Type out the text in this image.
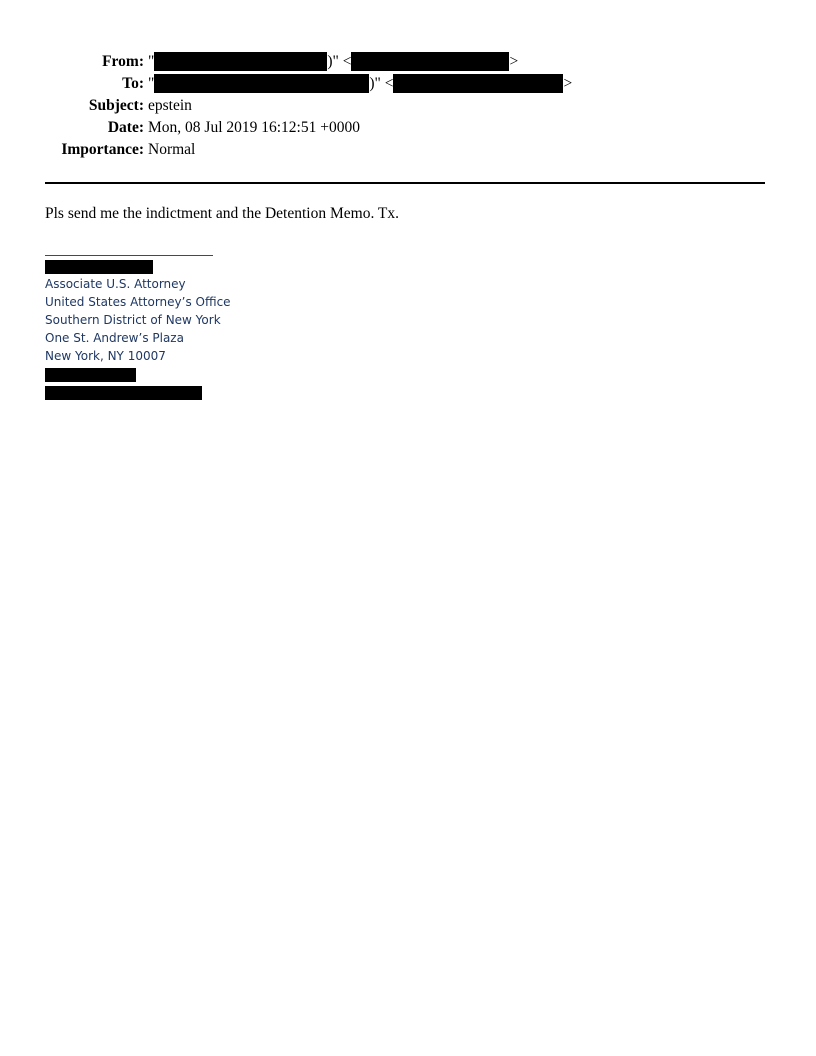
From: "	)" <	>
To: "	)" <	>
Subject: epstein
Date: Mon, 08 Jul 2019 16:12:51 +0000
Importance: Normal
Pls send me the indictment and the Detention Memo. Tx.
Associate U.S. Attorney
United States Attorney’s Office
Southern District of New York
One St. Andrew’s Plaza
New York, NY 10007
